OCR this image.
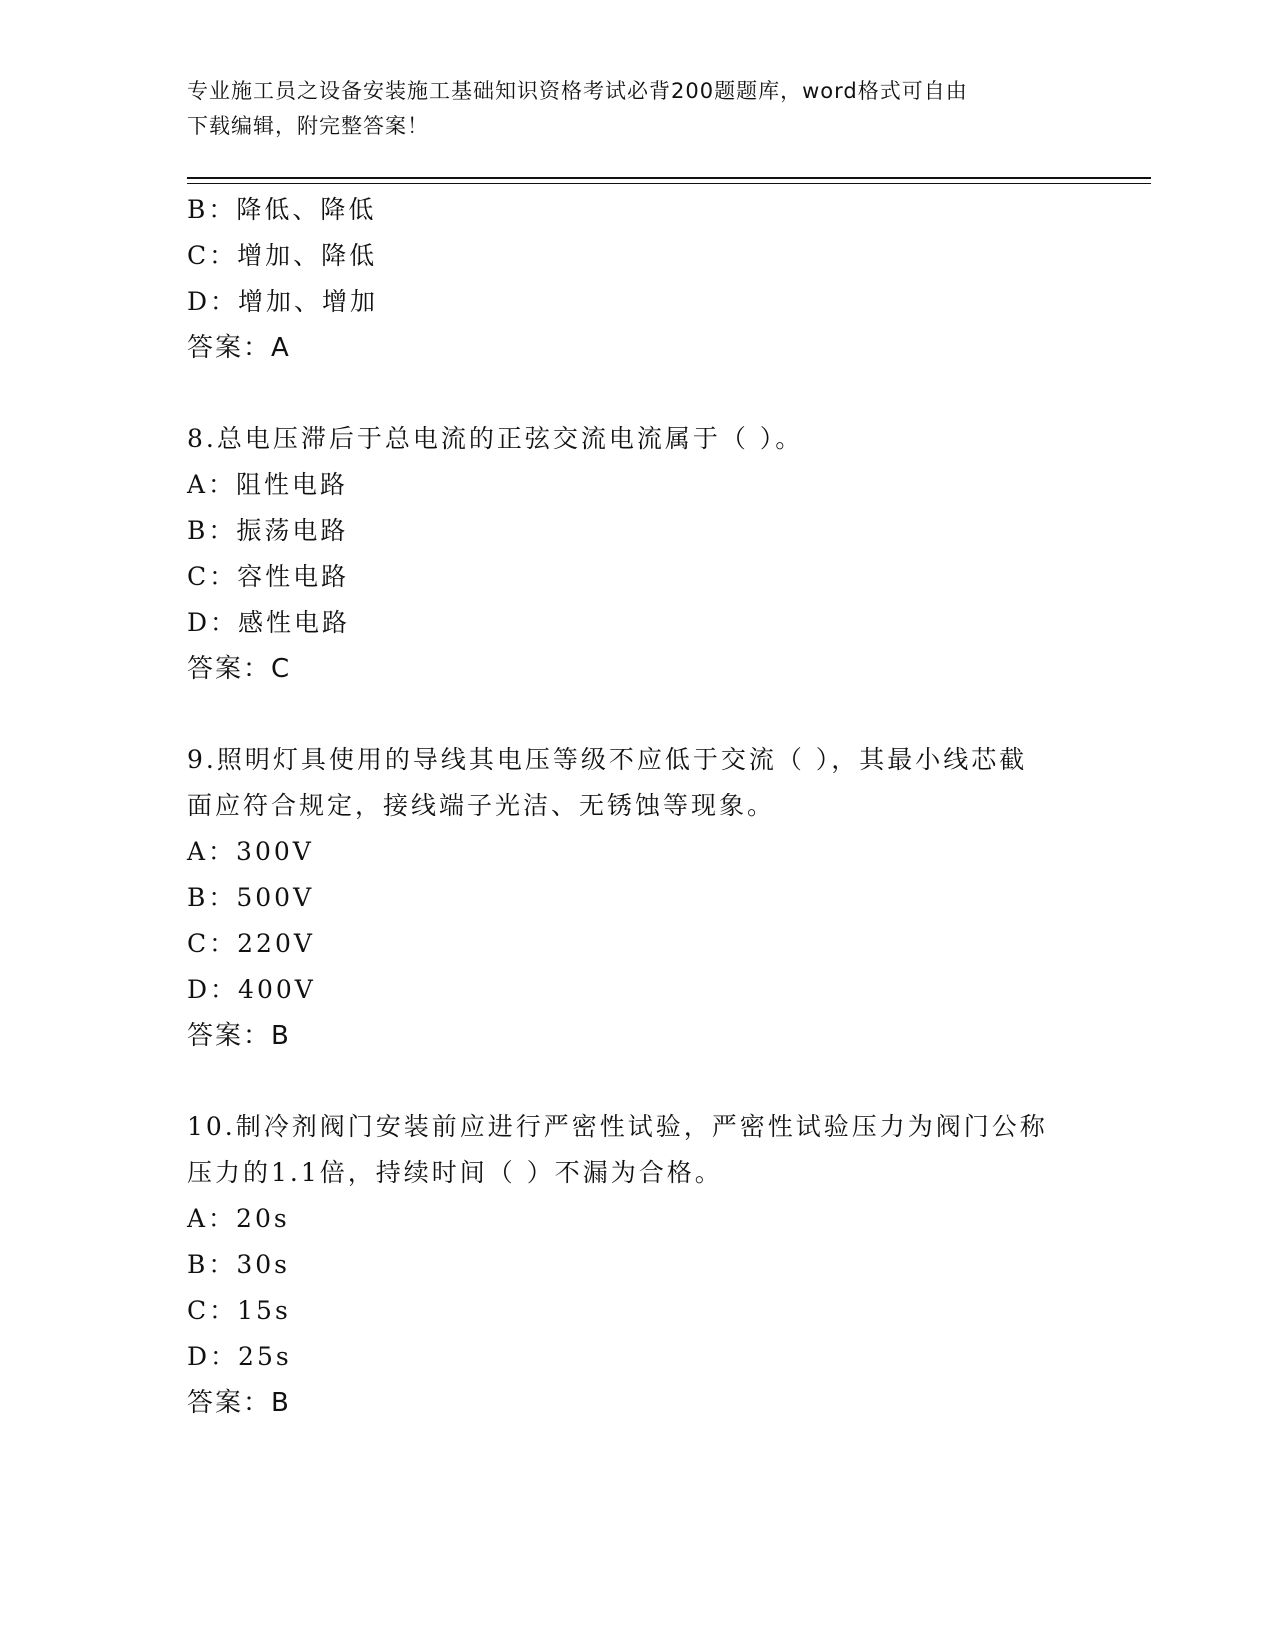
专业施工员之设备安装施工基础知识资格考试必背200题题库，word格式可自由
下载编辑，附完整答案！
B：降低、降低
C：增加、降低
D：增加、增加
答案：A
8.总电压滞后于总电流的正弦交流电流属于（ ）。
A：阻性电路
B：振荡电路
C：容性电路
D：感性电路
答案：C
9.照明灯具使用的导线其电压等级不应低于交流（ ），其最小线芯截
面应符合规定，接线端子光洁、无锈蚀等现象。
A：300V
B：500V
C：220V
D：400V
答案：B
10.制冷剂阀门安装前应进行严密性试验，严密性试验压力为阀门公称
压力的1.1倍，持续时间（ ）不漏为合格。
A：20s
B：30s
C：15s
D：25s
答案：B
